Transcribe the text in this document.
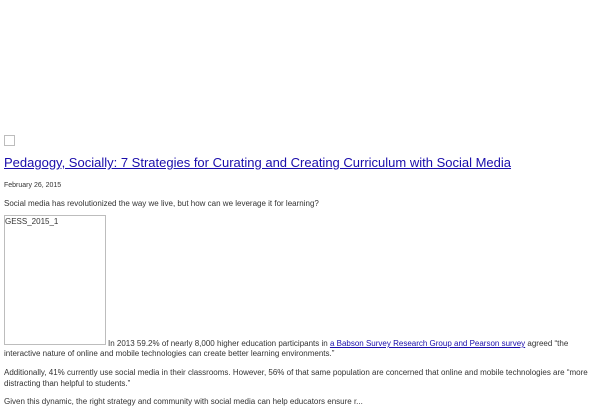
Pedagogy, Socially: 7 Strategies for Curating and Creating Curriculum with Social Media
February 26, 2015
Social media has revolutionized the way we live, but how can we leverage it for learning?
GESS_2015_1
In 2013 59.2% of nearly 8,000 higher education participants in a Babson Survey Research Group and Pearson survey agreed “the
interactive nature of online and mobile technologies can create better learning environments.”
Additionally, 41% currently use social media in their classrooms. However, 56% of that same population are concerned that online and mobile technologies are “more
distracting than helpful to students.”
Given this dynamic, the right strategy and community with social media can help educators ensure r...
